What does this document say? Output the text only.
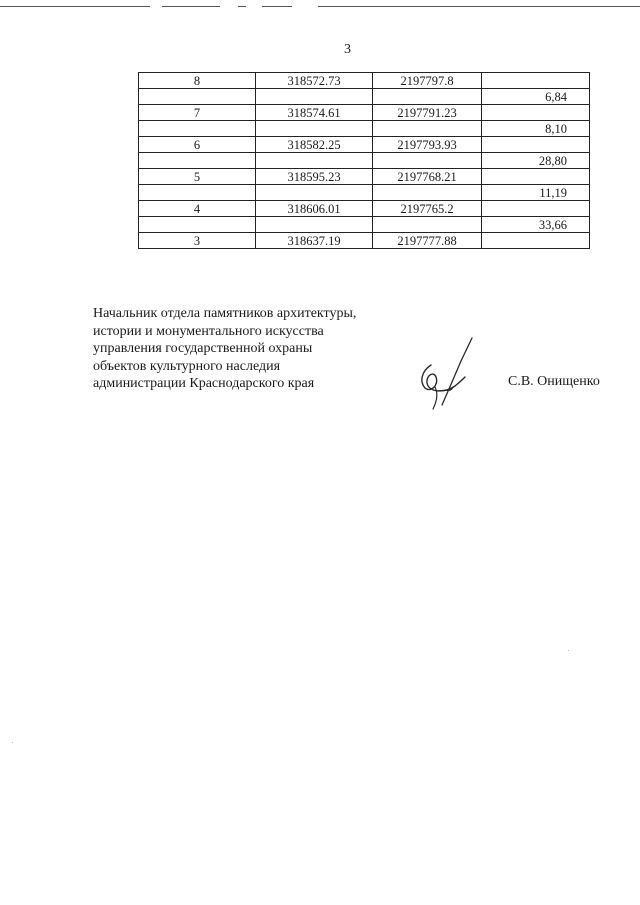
3
8	318572.73	2197797.8	
			6,84
7	318574.61	2197791.23	
			8,10
6	318582.25	2197793.93	
			28,80
5	318595.23	2197768.21	
			11,19
4	318606.01	2197765.2	
			33,66
3	318637.19	2197777.88	
Начальник отдела памятников архитектуры,
истории и монументального искусства
управления государственной охраны
объектов культурного наследия
администрации Краснодарского края	С.В. Онищенко
